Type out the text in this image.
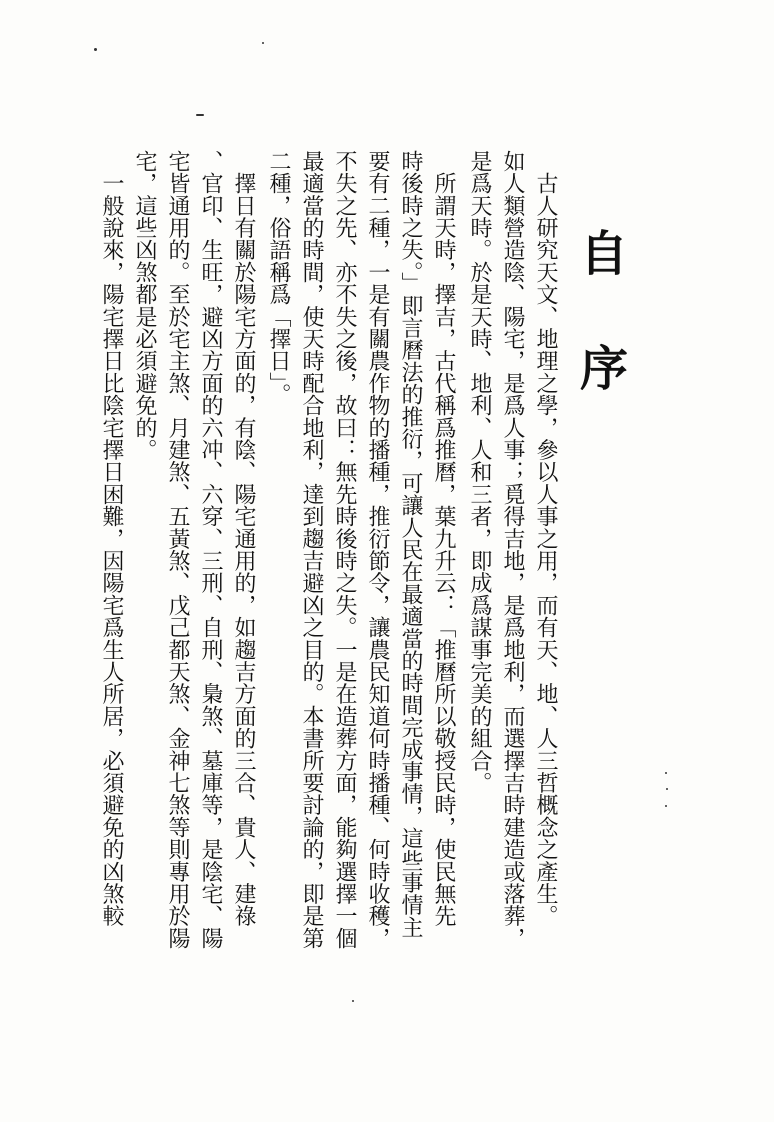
自
序
　古人研究天文、地理之學，參以人事之用，而有天、地、人三哲概念之產生。
如人類營造陰、陽宅，是爲人事；覓得吉地，是爲地利，而選擇吉時建造或落葬，
是爲天時。於是天時、地利、人和三者，即成爲謀事完美的組合。
　所謂天時，擇吉，古代稱爲推曆，葉九升云：「推曆所以敬授民時，使民無先
時後時之失。」即言曆法的推衍，可讓人民在最適當的時間完成事情，這些事情主
要有二種，一是有關農作物的播種，推衍節令，讓農民知道何時播種、何時收穫，
不失之先、亦不失之後，故曰：無先時後時之失。一是在造葬方面，能夠選擇一個
最適當的時間，使天時配合地利，達到趨吉避凶之目的。本書所要討論的，即是第
二種，俗語稱爲「擇日」。
　擇日有關於陽宅方面的，有陰、陽宅通用的，如趨吉方面的三合、貴人、建祿
、官印、生旺，避凶方面的六冲、六穿、三刑、自刑、梟煞、墓庫等，是陰宅、陽
宅皆通用的。至於宅主煞、月建煞、五黃煞、戊己都天煞、金神七煞等則專用於陽
宅，這些凶煞都是必須避免的。
　一般說來，陽宅擇日比陰宅擇日困難，因陽宅爲生人所居，必須避免的凶煞較
